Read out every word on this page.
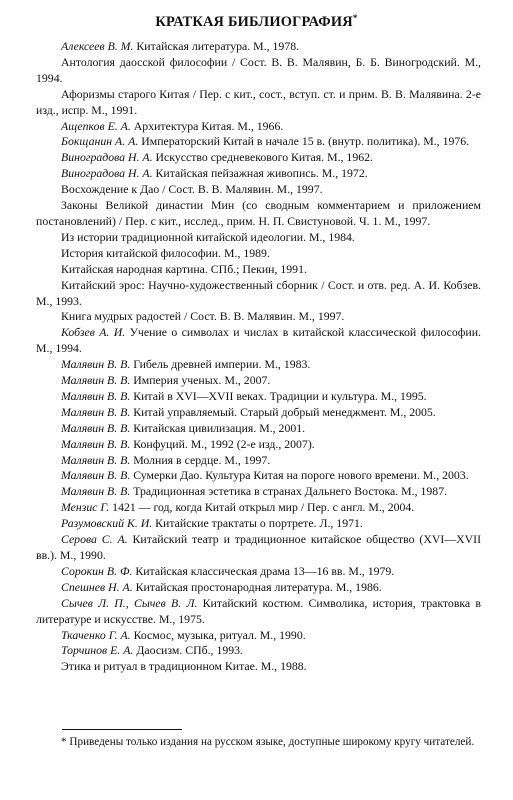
КРАТКАЯ БИБЛИОГРАФИЯ*
Алексеев В. М. Китайская литература. М., 1978.
Антология даосской философии / Сост. В. В. Малявин, Б. Б. Виногродский. М., 1994.
Афоризмы старого Китая / Пер. с кит., сост., вступ. ст. и прим. В. В. Малявина. 2-е изд., испр. М., 1991.
Ащепков Е. А. Архитектура Китая. М., 1966.
Бокщанин А. А. Императорский Китай в начале 15 в. (внутр. политика). М., 1976.
Виноградова Н. А. Искусство средневекового Китая. М., 1962.
Виноградова Н. А. Китайская пейзажная живопись. М., 1972.
Восхождение к Дао / Сост. В. В. Малявин. М., 1997.
Законы Великой династии Мин (со сводным комментарием и приложением постановлений) / Пер. с кит., исслед., прим. Н. П. Свистуновой. Ч. 1. М., 1997.
Из истории традиционной китайской идеологии. М., 1984.
История китайской философии. М., 1989.
Китайская народная картина. СПб.; Пекин, 1991.
Китайский эрос: Научно-художественный сборник / Сост. и отв. ред. А. И. Кобзев. М., 1993.
Книга мудрых радостей / Сост. В. В. Малявин. М., 1997.
Кобзев А. И. Учение о символах и числах в китайской классической философии. М., 1994.
Малявин В. В. Гибель древней империи. М., 1983.
Малявин В. В. Империя ученых. М., 2007.
Малявин В. В. Китай в XVI—XVII веках. Традиции и культура. М., 1995.
Малявин В. В. Китай управляемый. Старый добрый менеджмент. М., 2005.
Малявин В. В. Китайская цивилизация. М., 2001.
Малявин В. В. Конфуций. М., 1992 (2-е изд., 2007).
Малявин В. В. Молния в сердце. М., 1997.
Малявин В. В. Сумерки Дао. Культура Китая на пороге нового времени. М., 2003.
Малявин В. В. Традиционная эстетика в странах Дальнего Востока. М., 1987.
Мензис Г. 1421 — год, когда Китай открыл мир / Пер. с англ. М., 2004.
Разумовский К. И. Китайские трактаты о портрете. Л., 1971.
Серова С. А. Китайский театр и традиционное китайское общество (XVI—XVII вв.). М., 1990.
Сорокин В. Ф. Китайская классическая драма 13—16 вв. М., 1979.
Спешнев Н. А. Китайская простонародная литература. М., 1986.
Сычев Л. П., Сычев В. Л. Китайский костюм. Символика, история, трактовка в литературе и искусстве. М., 1975.
Ткаченко Г. А. Космос, музыка, ритуал. М., 1990.
Торчинов Е. А. Даосизм. СПб., 1993.
Этика и ритуал в традиционном Китае. М., 1988.

* Приведены только издания на русском языке, доступные широкому кругу читателей.
